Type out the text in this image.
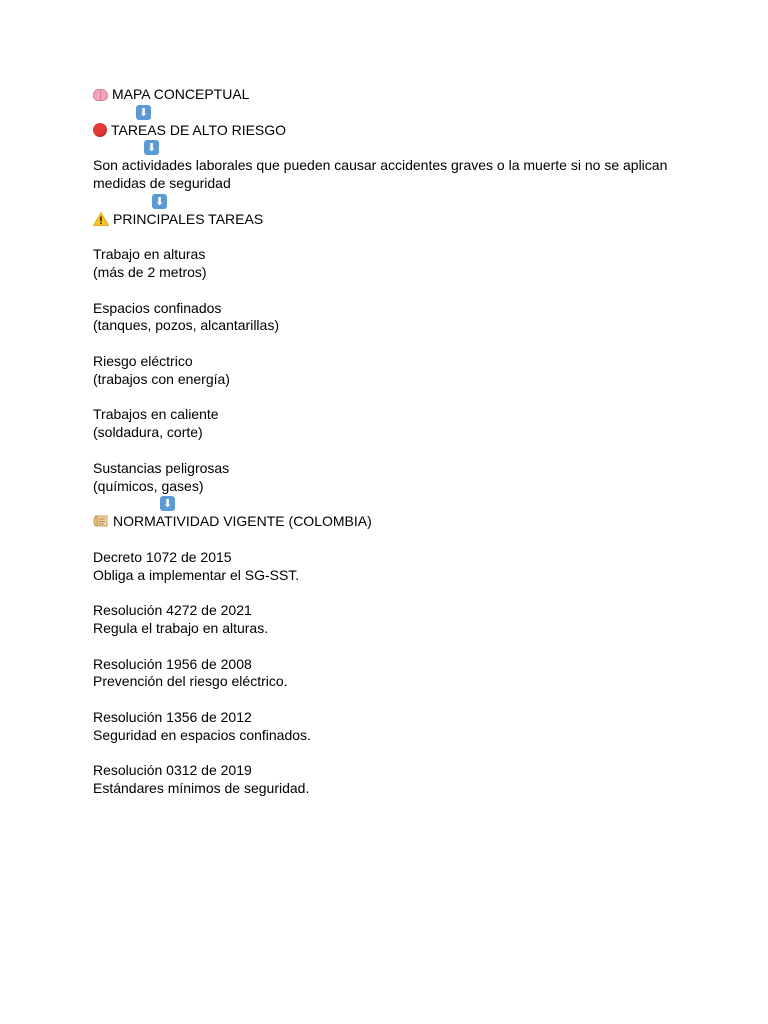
MAPA CONCEPTUAL
⬇
TAREAS DE ALTO RIESGO
⬇
Son actividades laborales que pueden causar accidentes graves o la muerte si no se aplican medidas de seguridad
⬇
PRINCIPALES TAREAS
Trabajo en alturas
(más de 2 metros)
Espacios confinados
(tanques, pozos, alcantarillas)
Riesgo eléctrico
(trabajos con energía)
Trabajos en caliente
(soldadura, corte)
Sustancias peligrosas
(químicos, gases)
⬇
NORMATIVIDAD VIGENTE (COLOMBIA)
Decreto 1072 de 2015
Obliga a implementar el SG-SST.
Resolución 4272 de 2021
Regula el trabajo en alturas.
Resolución 1956 de 2008
Prevención del riesgo eléctrico.
Resolución 1356 de 2012
Seguridad en espacios confinados.
Resolución 0312 de 2019
Estándares mínimos de seguridad.
